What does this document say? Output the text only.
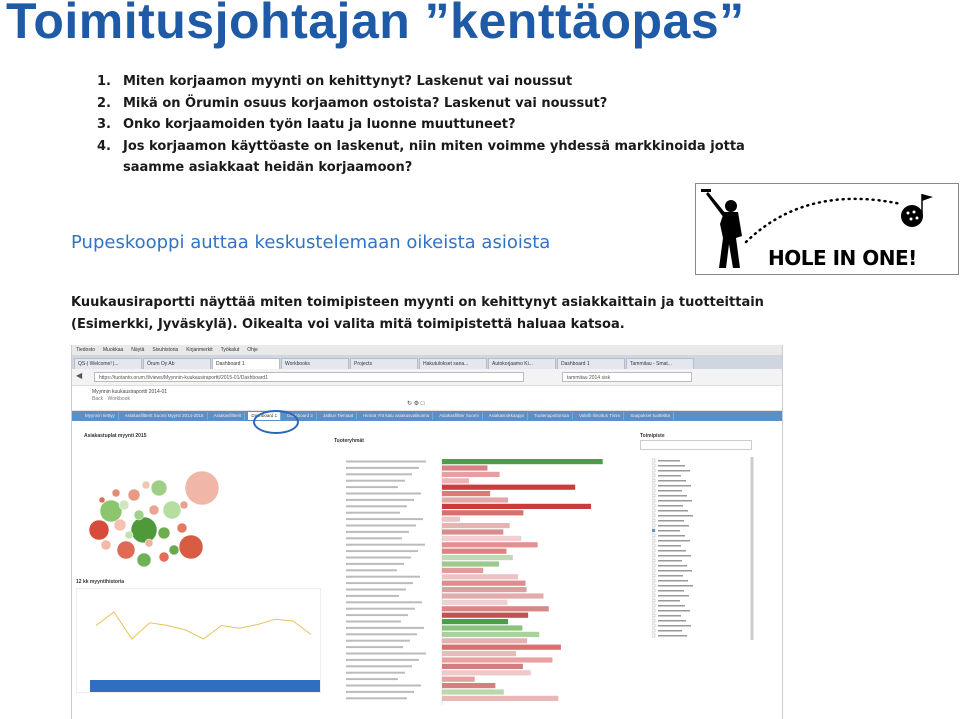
Toimitusjohtajan ”kenttäopas”
1. Miten korjaamon myynti on kehittynyt? Laskenut vai noussut
2. Mikä on Örumin osuus korjaamon ostoista? Laskenut vai noussut?
3. Onko korjaamoiden työn laatu ja luonne muuttuneet?
4. Jos korjaamon käyttöaste on laskenut, niin miten voimme yhdessä markkinoida jotta saamme asiakkaat heidän korjaamoon?
HOLE IN ONE!
Pupeskooppi auttaa keskustelemaan oikeista asioista
Kuukausiraportti näyttää miten toimipisteen myynti on kehittynyt asiakkaittain ja tuotteittain (Esimerkki, Jyväskylä). Oikealta voi valita mitä toimipistettä haluaa katsoa.
Tiedosto Muokkaa Näytä Sivuhistoria Kirjanmerkit Työkalut Ohje
QS-| Welcome! |...	Örum Oy Ab	Dashboard 1	Workbooks	Projects	Hakutulokset sana...	Autokorjaamo Ki...	Dashboard 1	Tammitau - Smat...
◀	https://tuotanto.orum.fi/views/Myynnin-kuukausiraportti/2015-01/Dashboard1	tammitau 2014 sisk
Myynnin kuukausiraportti 2014-01
Back · Workbook
↻ ⚙ □
Myynnin tiettyy	Asiakasfiltterit Suomi Myynti 2014-2015	Asiakasfiltterit	Dashboard 1	Dashboard 2	Jatkuv Tiemaat	Hinnat Yht katu asiakasvalikoima	Asiakasfiltter Suomi	Asiakasrokkaappi	Tuotenapottomaa	Valvilli ilmoitus Timm	Saapukset tuotteitta
Asiakastuplat myynti 2015
12 kk myyntihistoria
Tuoteryhmät
Toimipiste
